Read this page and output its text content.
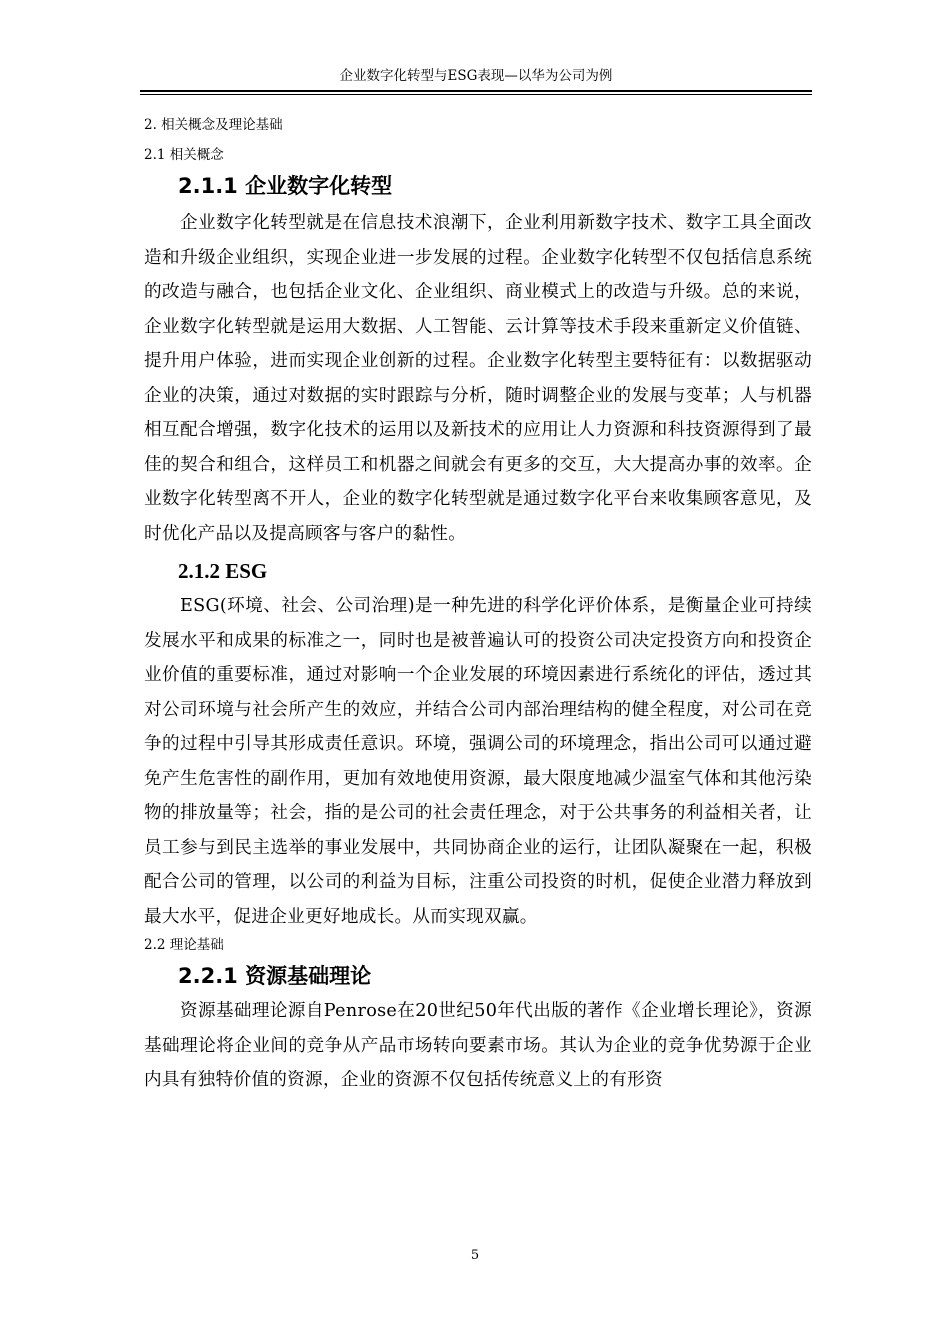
企业数字化转型与ESG表现—以华为公司为例

2. 相关概念及理论基础

2.1 相关概念

2.1.1 企业数字化转型

企业数字化转型就是在信息技术浪潮下，企业利用新数字技术、数字工具全面改造和升级企业组织，实现企业进一步发展的过程。企业数字化转型不仅包括信息系统的改造与融合，也包括企业文化、企业组织、商业模式上的改造与升级。总的来说，企业数字化转型就是运用大数据、人工智能、云计算等技术手段来重新定义价值链、提升用户体验，进而实现企业创新的过程。企业数字化转型主要特征有：以数据驱动企业的决策，通过对数据的实时跟踪与分析，随时调整企业的发展与变革；人与机器相互配合增强，数字化技术的运用以及新技术的应用让人力资源和科技资源得到了最佳的契合和组合，这样员工和机器之间就会有更多的交互，大大提高办事的效率。企业数字化转型离不开人，企业的数字化转型就是通过数字化平台来收集顾客意见，及时优化产品以及提高顾客与客户的黏性。

2.1.2 ESG

ESG(环境、社会、公司治理)是一种先进的科学化评价体系，是衡量企业可持续发展水平和成果的标准之一，同时也是被普遍认可的投资公司决定投资方向和投资企业价值的重要标准，通过对影响一个企业发展的环境因素进行系统化的评估，透过其对公司环境与社会所产生的效应，并结合公司内部治理结构的健全程度，对公司在竞争的过程中引导其形成责任意识。环境，强调公司的环境理念，指出公司可以通过避免产生危害性的副作用，更加有效地使用资源，最大限度地减少温室气体和其他污染物的排放量等；社会，指的是公司的社会责任理念，对于公共事务的利益相关者，让员工参与到民主选举的事业发展中，共同协商企业的运行，让团队凝聚在一起，积极配合公司的管理，以公司的利益为目标，注重公司投资的时机，促使企业潜力释放到最大水平，促进企业更好地成长。从而实现双赢。

2.2 理论基础

2.2.1 资源基础理论

资源基础理论源自Penrose在20世纪50年代出版的著作《企业增长理论》，资源基础理论将企业间的竞争从产品市场转向要素市场。其认为企业的竞争优势源于企业内具有独特价值的资源，企业的资源不仅包括传统意义上的有形资

5
